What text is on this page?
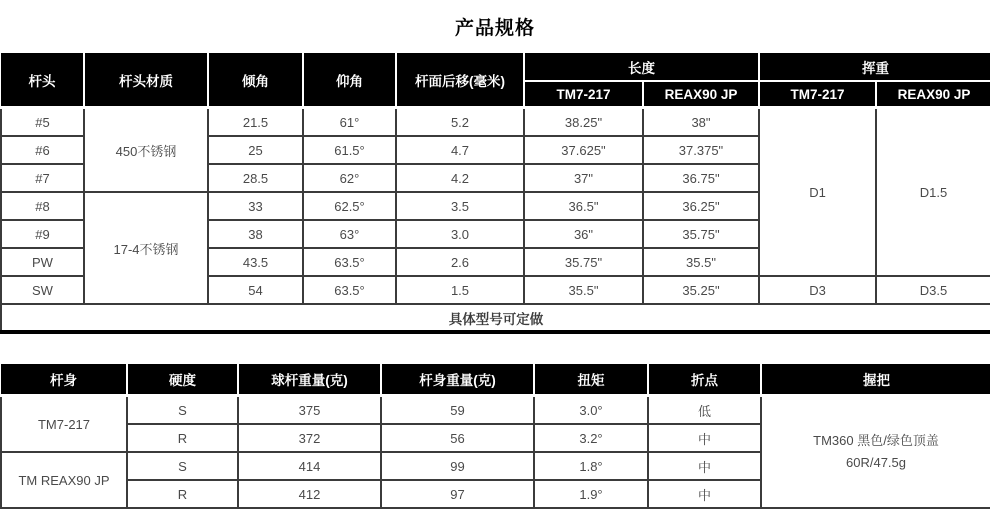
产品规格
杆头	杆头材质	倾角	仰角	杆面后移(毫米)	长度		挥重	
					TM7-217	REAX90 JP	TM7-217	REAX90 JP
#5	450不锈钢	21.5	61°	5.2	38.25"	38"	D1	D1.5
#6		25	61.5°	4.7	37.625"	37.375"		
#7		28.5	62°	4.2	37"	36.75"		
#8	17-4不锈钢	33	62.5°	3.5	36.5"	36.25"		
#9		38	63°	3.0	36"	35.75"		
PW		43.5	63.5°	2.6	35.75"	35.5"		
SW		54	63.5°	1.5	35.5"	35.25"	D3	D3.5
具体型号可定做								
杆身	硬度	球杆重量(克)	杆身重量(克)	扭矩	折点	握把
TM7-217	S	375	59	3.0°	低	TM360 黑色/绿色顶盖
60R/47.5g

	R	372	56	3.2°	中	
TM REAX90 JP	S	414	99	1.8°	中	
	R	412	97	1.9°	中	
